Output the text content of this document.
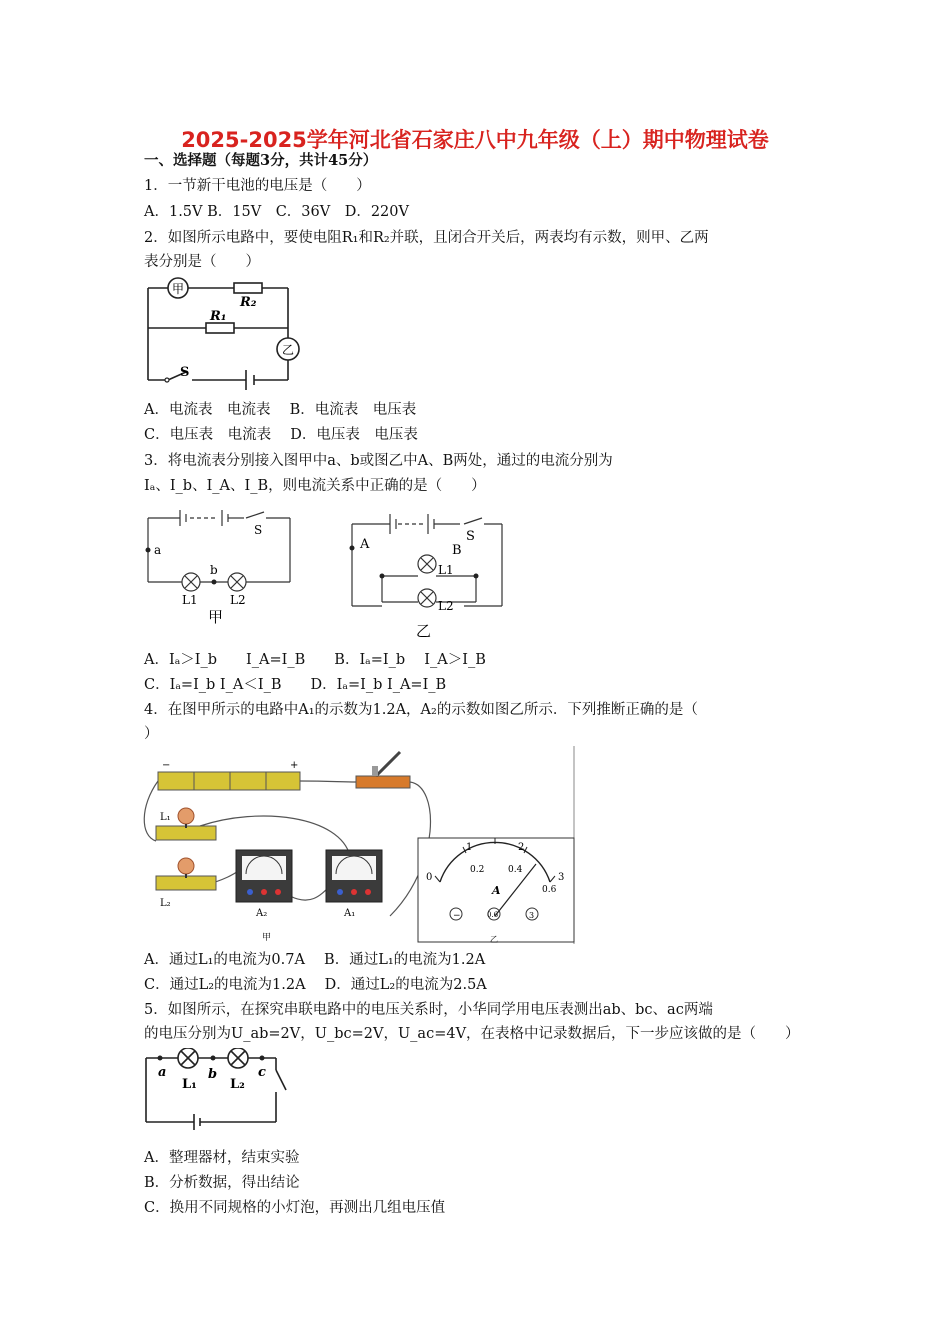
2025-2025学年河北省石家庄八中九年级（上）期中物理试卷
一、选择题（每题3分，共计45分）
1．一节新干电池的电压是（　　）
A．1.5V B．15V　C．36V　D．220V
2．如图所示电路中，要使电阻R₁和R₂并联，且闭合开关后，两表均有示数，则甲、乙两
表分别是（　　）
甲
乙
R₂
R₁
S
A．电流表　电流表　 B．电流表　电压表
C．电压表　电流表　 D．电压表　电压表
3．将电流表分别接入图甲中a、b或图乙中A、B两处，通过的电流分别为
Iₐ、I_b、I_A、I_B，则电流关系中正确的是（　　）
a
b
S
L1	L2
甲
A	B
S
L1
L2
乙
A．Iₐ＞I_b　　I_A=I_B　　B．Iₐ=I_b　 I_A＞I_B
C．Iₐ=I_b I_A＜I_B　　D．Iₐ=I_b I_A=I_B
4．在图甲所示的电路中A₁的示数为1.2A，A₂的示数如图乙所示．下列推断正确的是（
）
−	+
L₁
L₂
A₂	A₁
甲
0
1	2
3
0.2	0.4
0.6
A
−	0.6	3
乙
A．通过L₁的电流为0.7A　 B．通过L₁的电流为1.2A
C．通过L₂的电流为1.2A　 D．通过L₂的电流为2.5A
5．如图所示，在探究串联电路中的电压关系时，小华同学用电压表测出ab、bc、ac两端
的电压分别为U_ab=2V，U_bc=2V，U_ac=4V，在表格中记录数据后，下一步应该做的是（　　）
a	b	c
L₁	L₂
A．整理器材，结束实验
B．分析数据，得出结论
C．换用不同规格的小灯泡，再测出几组电压值
